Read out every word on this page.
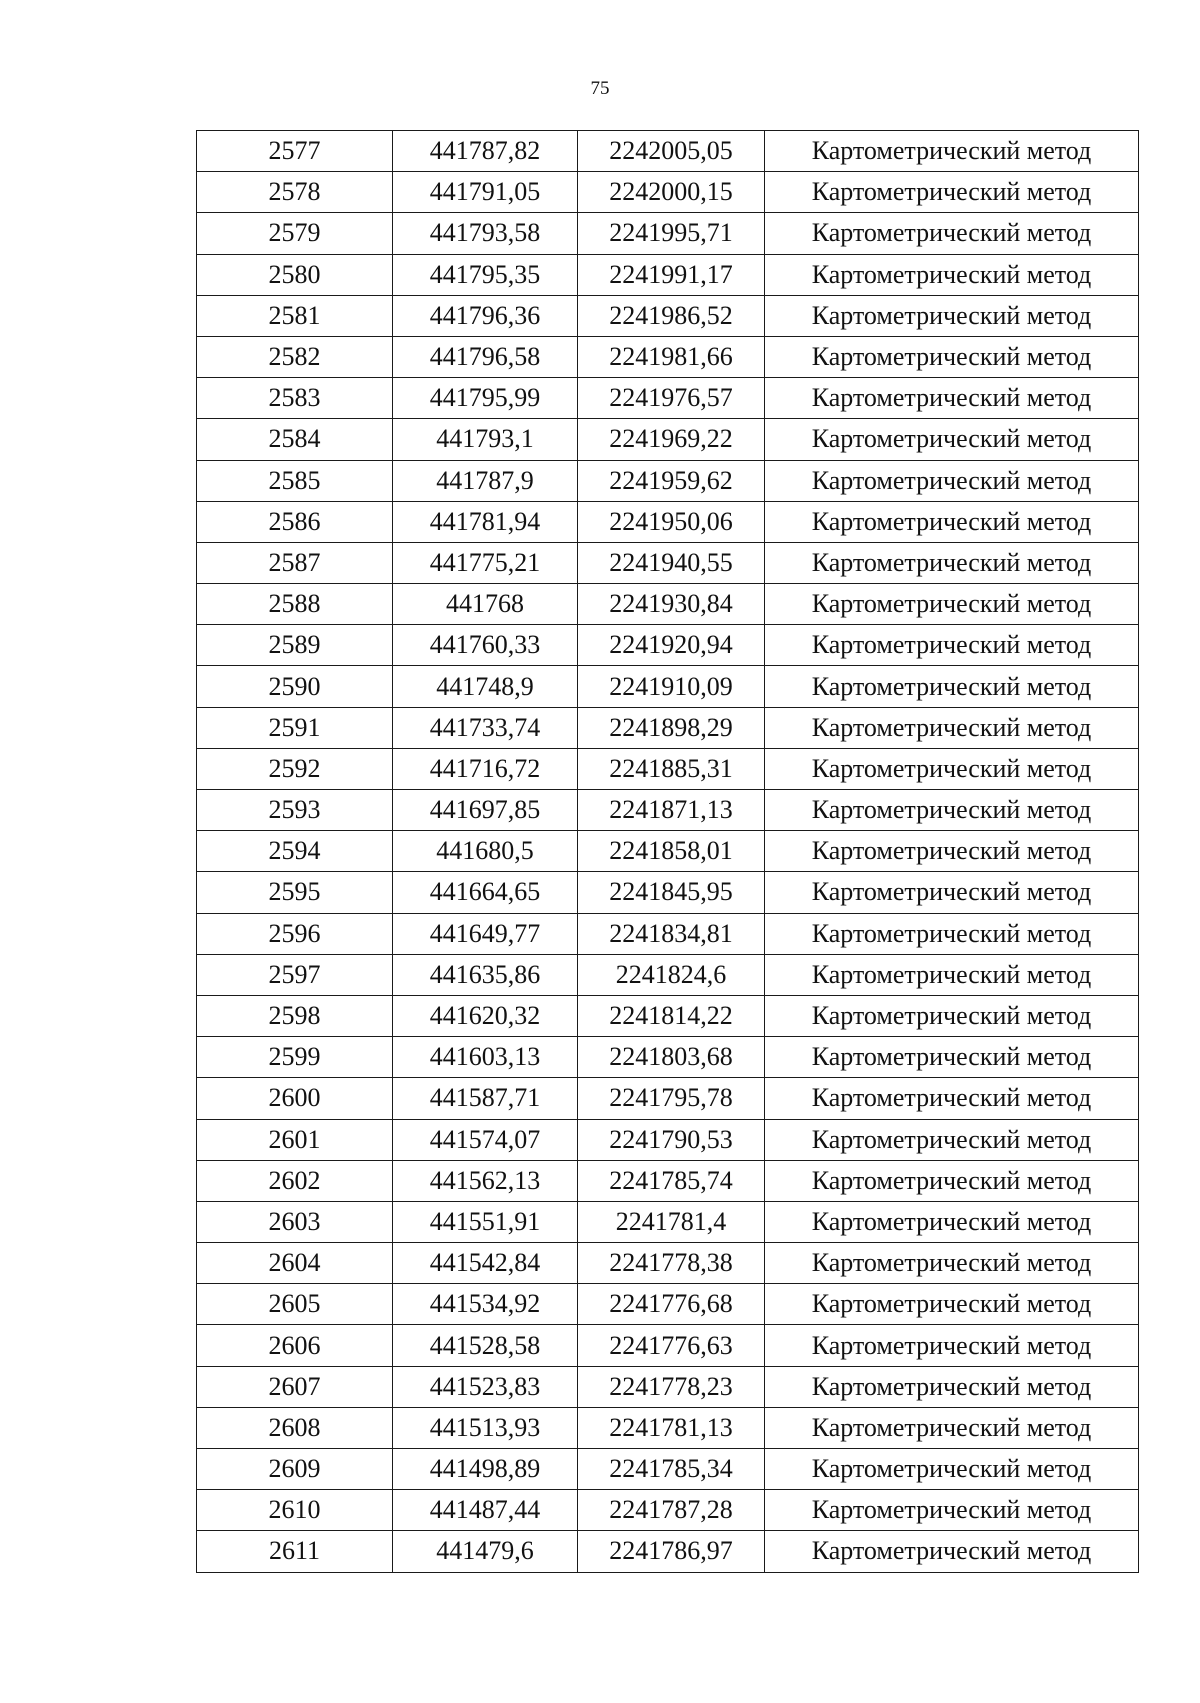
75
2577	441787,82	2242005,05	Картометрический метод
2578	441791,05	2242000,15	Картометрический метод
2579	441793,58	2241995,71	Картометрический метод
2580	441795,35	2241991,17	Картометрический метод
2581	441796,36	2241986,52	Картометрический метод
2582	441796,58	2241981,66	Картометрический метод
2583	441795,99	2241976,57	Картометрический метод
2584	441793,1	2241969,22	Картометрический метод
2585	441787,9	2241959,62	Картометрический метод
2586	441781,94	2241950,06	Картометрический метод
2587	441775,21	2241940,55	Картометрический метод
2588	441768	2241930,84	Картометрический метод
2589	441760,33	2241920,94	Картометрический метод
2590	441748,9	2241910,09	Картометрический метод
2591	441733,74	2241898,29	Картометрический метод
2592	441716,72	2241885,31	Картометрический метод
2593	441697,85	2241871,13	Картометрический метод
2594	441680,5	2241858,01	Картометрический метод
2595	441664,65	2241845,95	Картометрический метод
2596	441649,77	2241834,81	Картометрический метод
2597	441635,86	2241824,6	Картометрический метод
2598	441620,32	2241814,22	Картометрический метод
2599	441603,13	2241803,68	Картометрический метод
2600	441587,71	2241795,78	Картометрический метод
2601	441574,07	2241790,53	Картометрический метод
2602	441562,13	2241785,74	Картометрический метод
2603	441551,91	2241781,4	Картометрический метод
2604	441542,84	2241778,38	Картометрический метод
2605	441534,92	2241776,68	Картометрический метод
2606	441528,58	2241776,63	Картометрический метод
2607	441523,83	2241778,23	Картометрический метод
2608	441513,93	2241781,13	Картометрический метод
2609	441498,89	2241785,34	Картометрический метод
2610	441487,44	2241787,28	Картометрический метод
2611	441479,6	2241786,97	Картометрический метод
